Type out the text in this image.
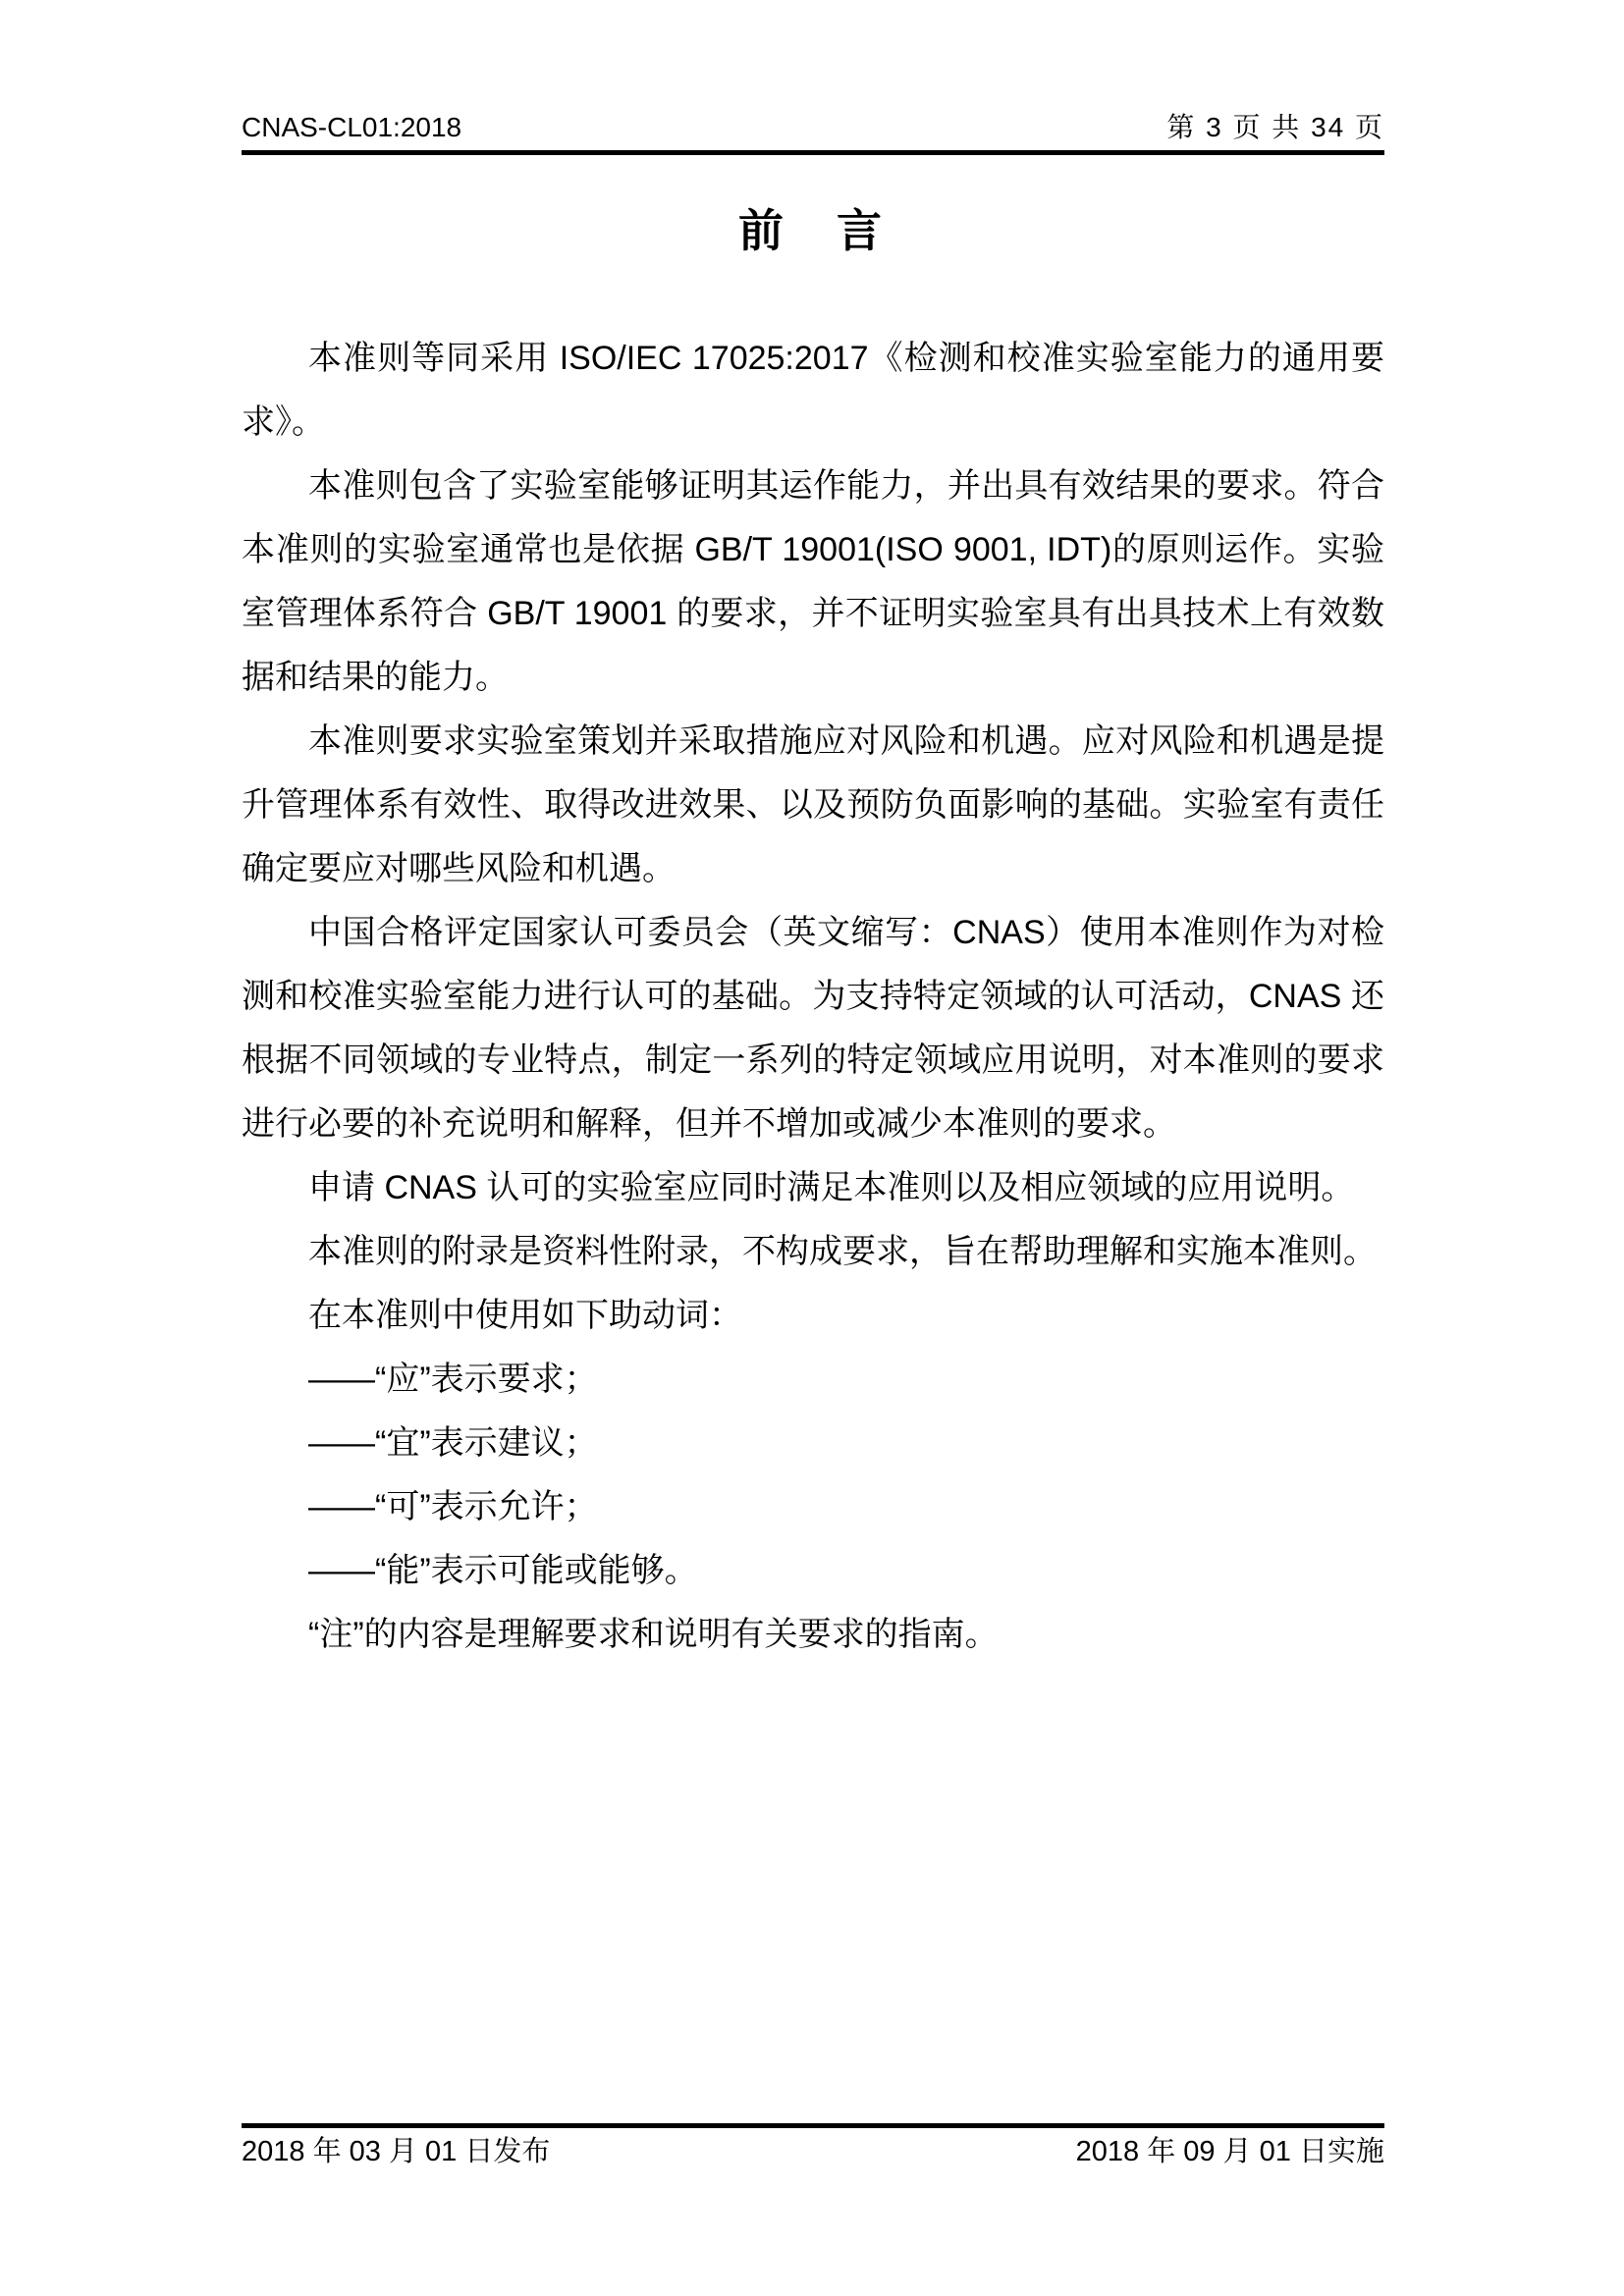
CNAS-CL01:2018	第 3 页 共 34 页
前　言

本准则等同采用 ISO/IEC 17025:2017《检测和校准实验室能力的通用要求》。

本准则包含了实验室能够证明其运作能力，并出具有效结果的要求。符合本准则的实验室通常也是依据 GB/T 19001(ISO 9001, IDT)的原则运作。实验室管理体系符合 GB/T 19001 的要求，并不证明实验室具有出具技术上有效数据和结果的能力。

本准则要求实验室策划并采取措施应对风险和机遇。应对风险和机遇是提升管理体系有效性、取得改进效果、以及预防负面影响的基础。实验室有责任确定要应对哪些风险和机遇。

中国合格评定国家认可委员会（英文缩写：CNAS）使用本准则作为对检测和校准实验室能力进行认可的基础。为支持特定领域的认可活动，CNAS 还根据不同领域的专业特点，制定一系列的特定领域应用说明，对本准则的要求进行必要的补充说明和解释，但并不增加或减少本准则的要求。

申请 CNAS 认可的实验室应同时满足本准则以及相应领域的应用说明。

本准则的附录是资料性附录，不构成要求，旨在帮助理解和实施本准则。

在本准则中使用如下助动词：

——“应”表示要求；

——“宜”表示建议；

——“可”表示允许；

——“能”表示可能或能够。

“注”的内容是理解要求和说明有关要求的指南。

2018 年 03 月 01 日发布	2018 年 09 月 01 日实施
